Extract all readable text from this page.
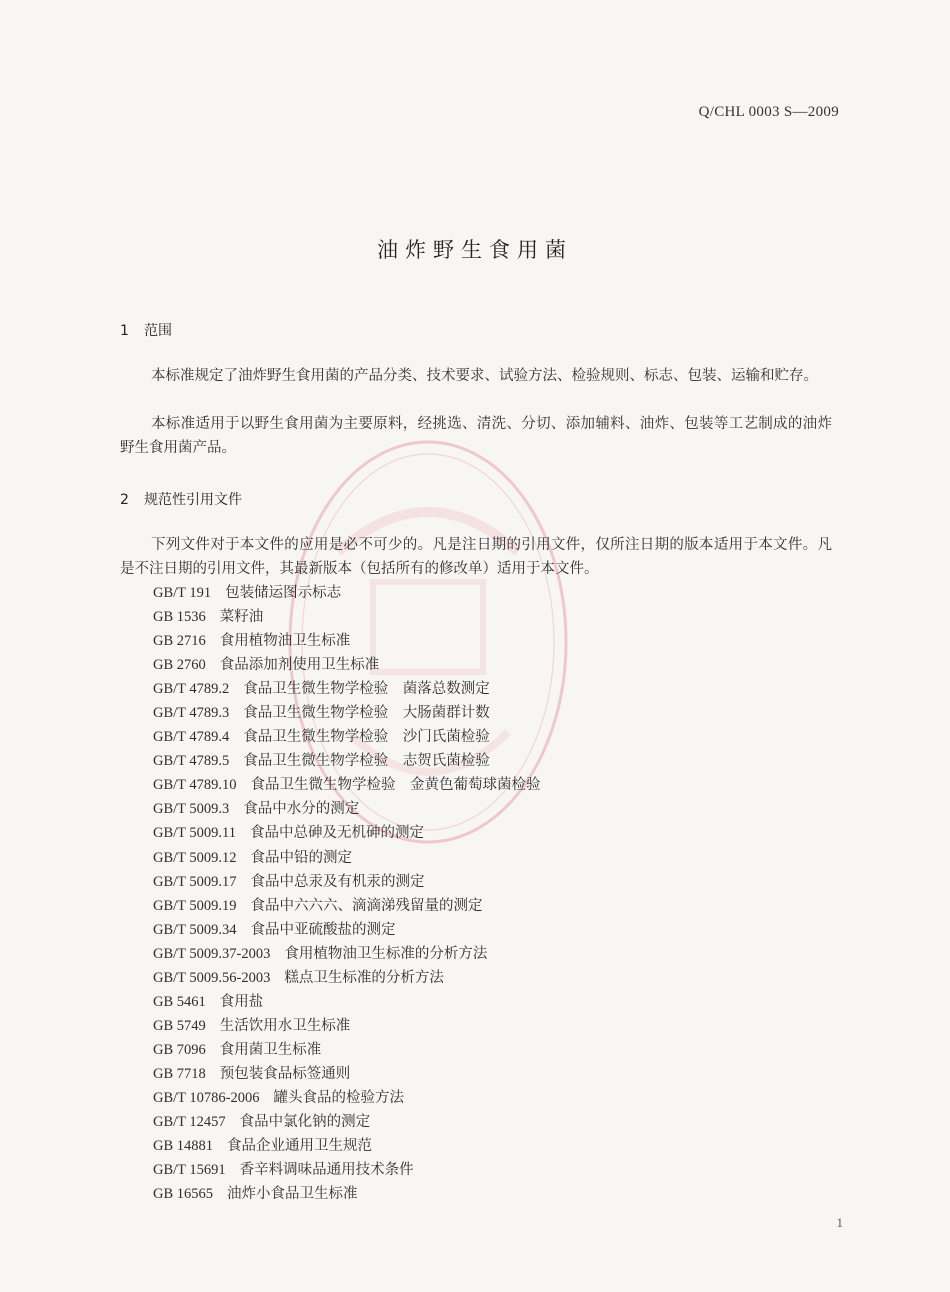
Q/CHL 0003 S—2009
油炸野生食用菌
1 范围
本标准规定了油炸野生食用菌的产品分类、技术要求、试验方法、检验规则、标志、包装、运输和贮存。
本标准适用于以野生食用菌为主要原料，经挑选、清洗、分切、添加辅料、油炸、包装等工艺制成的油炸野生食用菌产品。
2 规范性引用文件
下列文件对于本文件的应用是必不可少的。凡是注日期的引用文件，仅所注日期的版本适用于本文件。凡是不注日期的引用文件，其最新版本（包括所有的修改单）适用于本文件。
GB/T 191 包装储运图示标志
GB 1536 菜籽油
GB 2716 食用植物油卫生标准
GB 2760 食品添加剂使用卫生标准
GB/T 4789.2 食品卫生微生物学检验　菌落总数测定
GB/T 4789.3 食品卫生微生物学检验　大肠菌群计数
GB/T 4789.4 食品卫生微生物学检验　沙门氏菌检验
GB/T 4789.5 食品卫生微生物学检验　志贺氏菌检验
GB/T 4789.10 食品卫生微生物学检验　金黄色葡萄球菌检验
GB/T 5009.3 食品中水分的测定
GB/T 5009.11 食品中总砷及无机砷的测定
GB/T 5009.12 食品中铅的测定
GB/T 5009.17 食品中总汞及有机汞的测定
GB/T 5009.19 食品中六六六、滴滴涕残留量的测定
GB/T 5009.34 食品中亚硫酸盐的测定
GB/T 5009.37-2003 食用植物油卫生标准的分析方法
GB/T 5009.56-2003 糕点卫生标准的分析方法
GB 5461 食用盐
GB 5749 生活饮用水卫生标准
GB 7096 食用菌卫生标准
GB 7718 预包装食品标签通则
GB/T 10786-2006 罐头食品的检验方法
GB/T 12457 食品中氯化钠的测定
GB 14881 食品企业通用卫生规范
GB/T 15691 香辛料调味品通用技术条件
GB 16565 油炸小食品卫生标准
1
